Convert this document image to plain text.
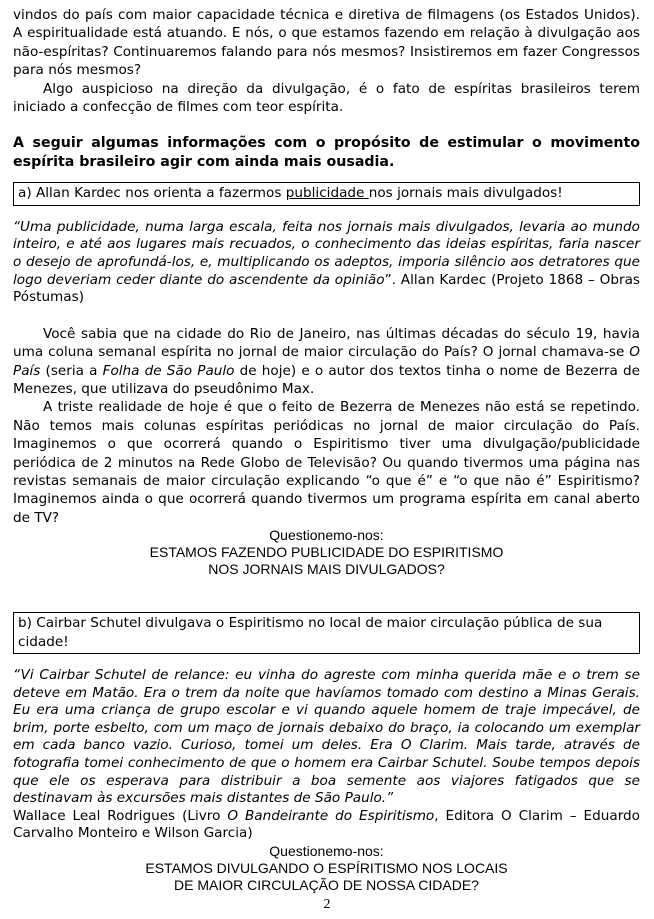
vindos do país com maior capacidade técnica e diretiva de filmagens (os Estados Unidos). A espiritualidade está atuando. E nós, o que estamos fazendo em relação à divulgação aos não-espíritas? Continuaremos falando para nós mesmos? Insistiremos em fazer Congressos para nós mesmos?

Algo auspicioso na direção da divulgação, é o fato de espíritas brasileiros terem iniciado a confecção de filmes com teor espírita.

A seguir algumas informações com o propósito de estimular o movimento espírita brasileiro agir com ainda mais ousadia.

a) Allan Kardec nos orienta a fazermos publicidade nos jornais mais divulgados!

“Uma publicidade, numa larga escala, feita nos jornais mais divulgados, levaria ao mundo inteiro, e até aos lugares mais recuados, o conhecimento das ideias espíritas, faria nascer o desejo de aprofundá-los, e, multiplicando os adeptos, imporia silêncio aos detratores que logo deveriam ceder diante do ascendente da opinião”. Allan Kardec (Projeto 1868 – Obras Póstumas)

Você sabia que na cidade do Rio de Janeiro, nas últimas décadas do século 19, havia uma coluna semanal espírita no jornal de maior circulação do País? O jornal chamava-se O País (seria a Folha de São Paulo de hoje) e o autor dos textos tinha o nome de Bezerra de Menezes, que utilizava do pseudônimo Max.

A triste realidade de hoje é que o feito de Bezerra de Menezes não está se repetindo. Não temos mais colunas espíritas periódicas no jornal de maior circulação do País. Imaginemos o que ocorrerá quando o Espiritismo tiver uma divulgação/publicidade periódica de 2 minutos na Rede Globo de Televisão? Ou quando tivermos uma página nas revistas semanais de maior circulação explicando “o que é” e “o que não é” Espiritismo? Imaginemos ainda o que ocorrerá quando tivermos um programa espírita em canal aberto de TV?

Questionemo-nos:

ESTAMOS FAZENDO PUBLICIDADE DO ESPIRITISMO

NOS JORNAIS MAIS DIVULGADOS?

b) Cairbar Schutel divulgava o Espiritismo no local de maior circulação pública de sua cidade!

“Vi Cairbar Schutel de relance: eu vinha do agreste com minha querida mãe e o trem se deteve em Matão. Era o trem da noite que havíamos tomado com destino a Minas Gerais. Eu era uma criança de grupo escolar e vi quando aquele homem de traje impecável, de brim, porte esbelto, com um maço de jornais debaixo do braço, ia colocando um exemplar em cada banco vazio. Curioso, tomei um deles. Era O Clarim. Mais tarde, através de fotografia tomei conhecimento de que o homem era Cairbar Schutel. Soube tempos depois que ele os esperava para distribuir a boa semente aos viajores fatigados que se destinavam às excursões mais distantes de São Paulo.”

Wallace Leal Rodrigues (Livro O Bandeirante do Espiritismo, Editora O Clarim – Eduardo Carvalho Monteiro e Wilson Garcia)

Questionemo-nos:

ESTAMOS DIVULGANDO O ESPÍRITISMO NOS LOCAIS

DE MAIOR CIRCULAÇÃO DE NOSSA CIDADE?

2
